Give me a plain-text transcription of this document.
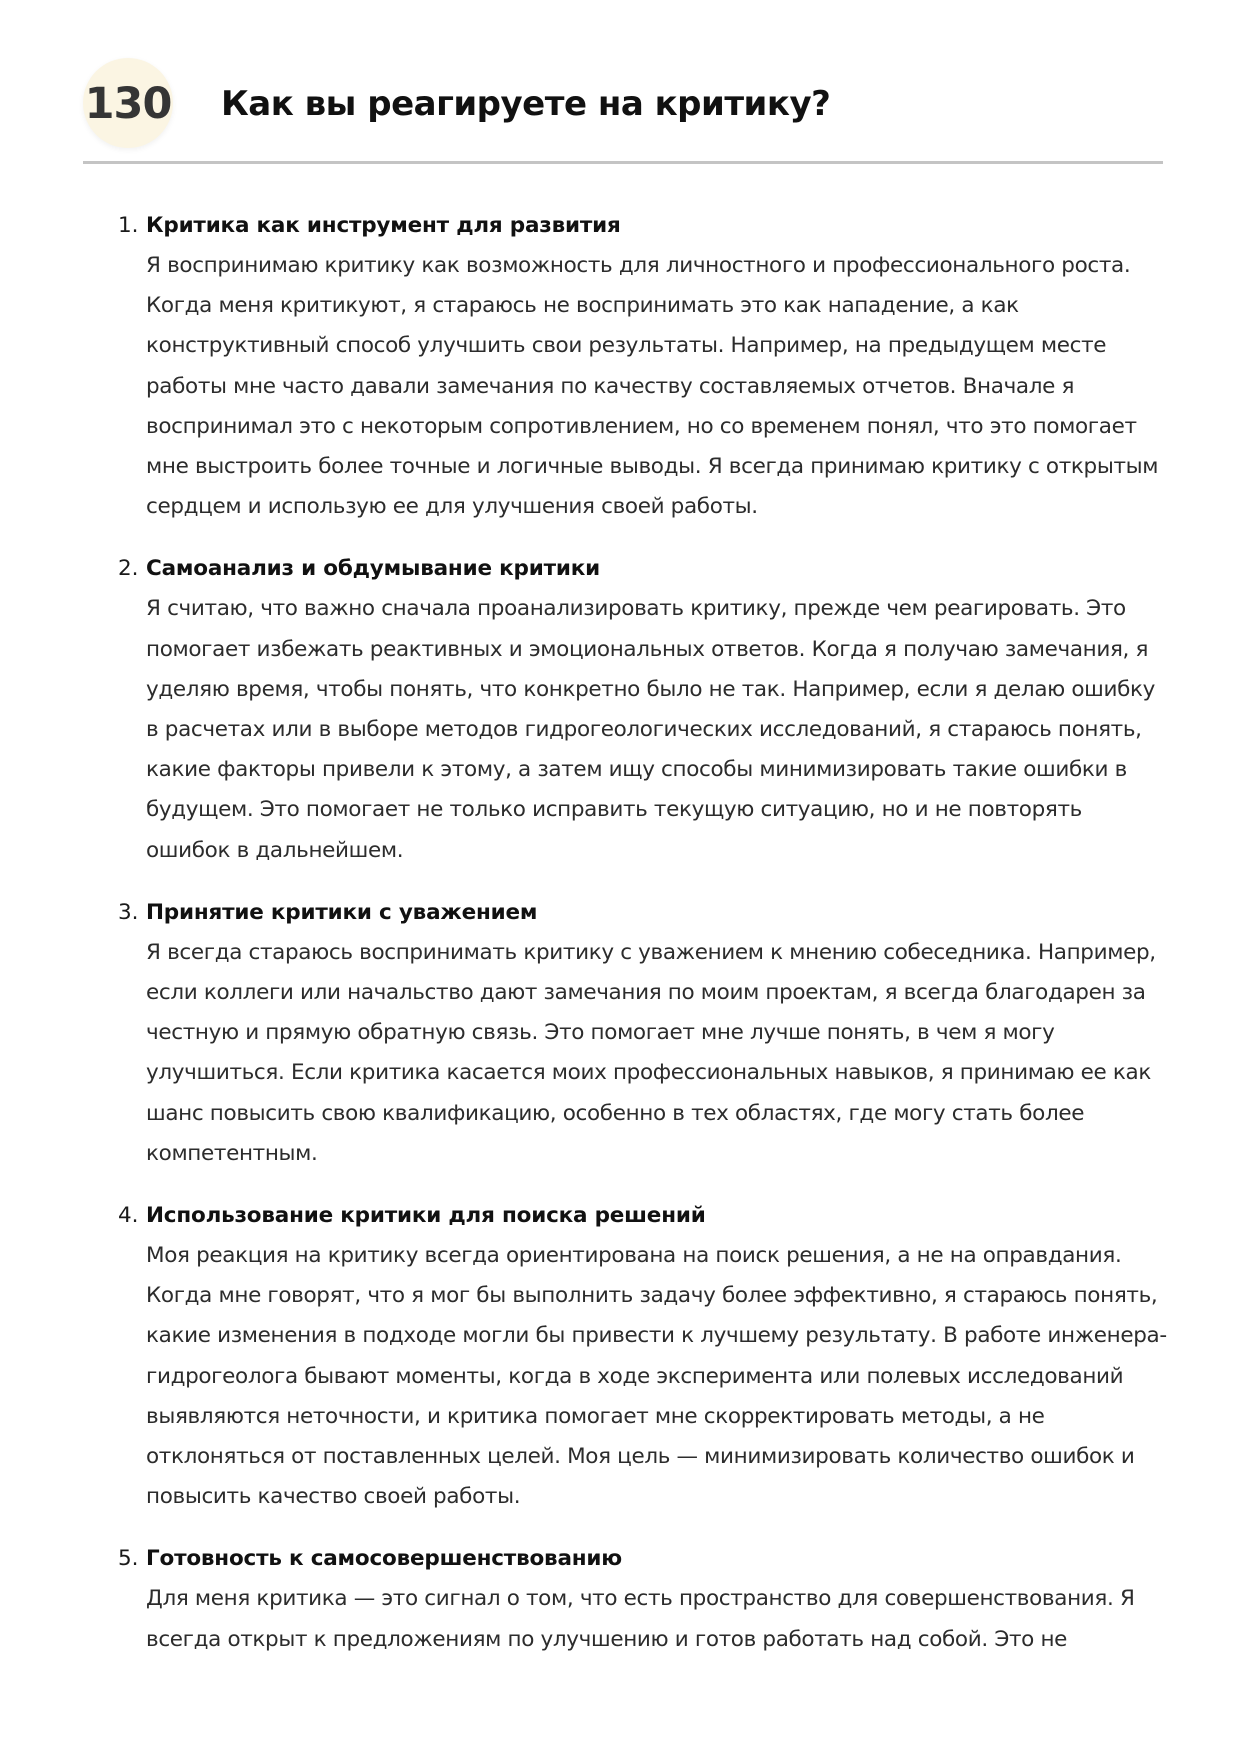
130 Как вы реагируете на критику?
1. Критика как инструмент для развития
Я воспринимаю критику как возможность для личностного и профессионального роста. Когда меня критикуют, я стараюсь не воспринимать это как нападение, а как конструктивный способ улучшить свои результаты. Например, на предыдущем месте работы мне часто давали замечания по качеству составляемых отчетов. Вначале я воспринимал это с некоторым сопротивлением, но со временем понял, что это помогает мне выстроить более точные и логичные выводы. Я всегда принимаю критику с открытым сердцем и использую ее для улучшения своей работы.
2. Самоанализ и обдумывание критики
Я считаю, что важно сначала проанализировать критику, прежде чем реагировать. Это помогает избежать реактивных и эмоциональных ответов. Когда я получаю замечания, я уделяю время, чтобы понять, что конкретно было не так. Например, если я делаю ошибку в расчетах или в выборе методов гидрогеологических исследований, я стараюсь понять, какие факторы привели к этому, а затем ищу способы минимизировать такие ошибки в будущем. Это помогает не только исправить текущую ситуацию, но и не повторять ошибок в дальнейшем.
3. Принятие критики с уважением
Я всегда стараюсь воспринимать критику с уважением к мнению собеседника. Например, если коллеги или начальство дают замечания по моим проектам, я всегда благодарен за честную и прямую обратную связь. Это помогает мне лучше понять, в чем я могу улучшиться. Если критика касается моих профессиональных навыков, я принимаю ее как шанс повысить свою квалификацию, особенно в тех областях, где могу стать более компетентным.
4. Использование критики для поиска решений
Моя реакция на критику всегда ориентирована на поиск решения, а не на оправдания. Когда мне говорят, что я мог бы выполнить задачу более эффективно, я стараюсь понять, какие изменения в подходе могли бы привести к лучшему результату. В работе инженера-гидрогеолога бывают моменты, когда в ходе эксперимента или полевых исследований выявляются неточности, и критика помогает мне скорректировать методы, а не отклоняться от поставленных целей. Моя цель — минимизировать количество ошибок и повысить качество своей работы.
5. Готовность к самосовершенствованию
Для меня критика — это сигнал о том, что есть пространство для совершенствования. Я всегда открыт к предложениям по улучшению и готов работать над собой. Это не
